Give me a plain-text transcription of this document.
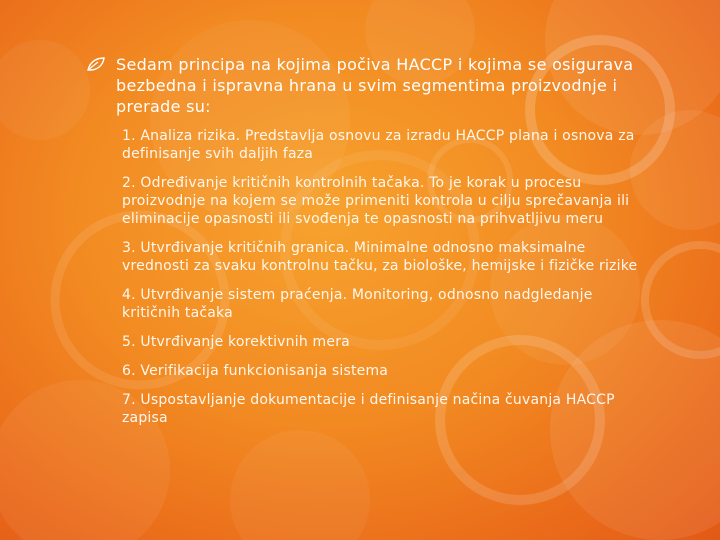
Sedam principa na kojima počiva HACCP i kojima se osigurava bezbedna i ispravna hrana u svim segmentima proizvodnje i prerade su:
1. Analiza rizika. Predstavlja osnovu za izradu HACCP plana i osnova za definisanje svih daljih faza
2. Određivanje kritičnih kontrolnih tačaka. To je korak u procesu proizvodnje na kojem se može primeniti kontrola u cilju sprečavanja ili eliminacije opasnosti ili svođenja te opasnosti na prihvatljivu meru
3. Utvrđivanje kritičnih granica. Minimalne odnosno maksimalne vrednosti za svaku kontrolnu tačku, za biološke, hemijske i fizičke rizike
4. Utvrđivanje sistem praćenja. Monitoring, odnosno nadgledanje kritičnih tačaka
5. Utvrđivanje korektivnih mera
6. Verifikacija funkcionisanja sistema
7. Uspostavljanje dokumentacije i definisanje načina čuvanja HACCP zapisa
